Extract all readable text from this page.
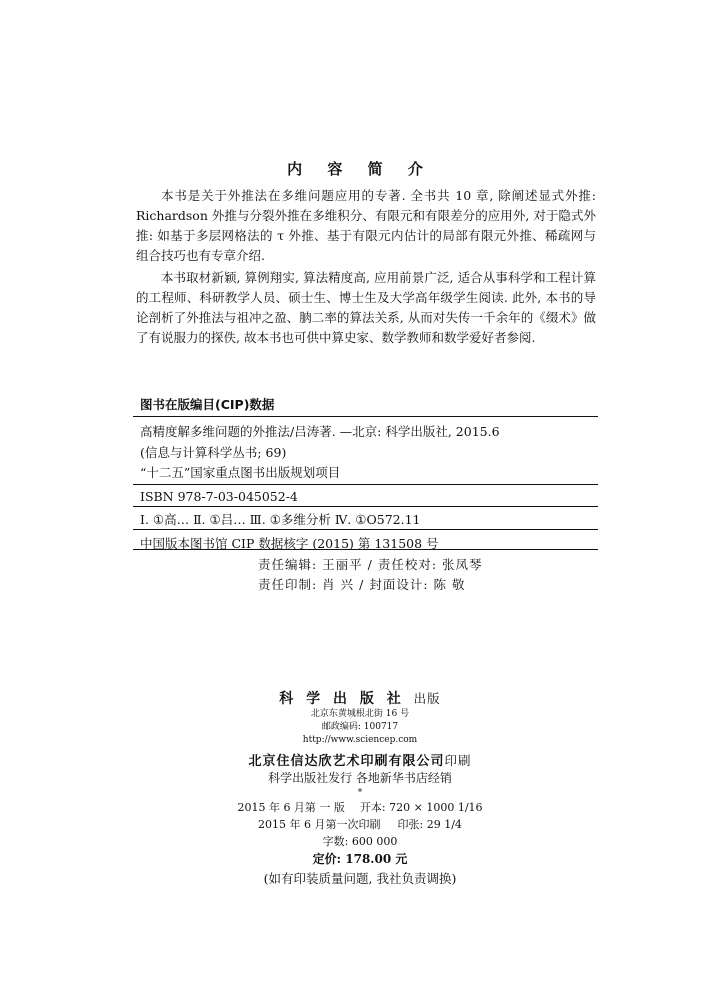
内 容 简 介

本书是关于外推法在多维问题应用的专著. 全书共 10 章, 除阐述显式外推: Richardson 外推与分裂外推在多维积分、有限元和有限差分的应用外, 对于隐式外推: 如基于多层网格法的 τ 外推、基于有限元内估计的局部有限元外推、稀疏网与组合技巧也有专章介绍.

本书取材新颖, 算例翔实, 算法精度高, 应用前景广泛, 适合从事科学和工程计算的工程师、科研教学人员、硕士生、博士生及大学高年级学生阅读. 此外, 本书的导论剖析了外推法与祖冲之盈、朒二率的算法关系, 从而对失传一千余年的《缀术》做了有说服力的探佚, 故本书也可供中算史家、数学教师和数学爱好者参阅.

图书在版编目(CIP)数据
高精度解多维问题的外推法/吕涛著. —北京: 科学出版社, 2015.6
(信息与计算科学丛书; 69)
“十二五”国家重点图书出版规划项目
ISBN 978-7-03-045052-4
Ⅰ. ①高… Ⅱ. ①吕… Ⅲ. ①多维分析 Ⅳ. ①O572.11
中国版本图书馆 CIP 数据核字 (2015) 第 131508 号
责任编辑: 王丽平 / 责任校对: 张凤琴
责任印制: 肖 兴 / 封面设计: 陈 敬
科 学 出 版 社 出版
北京东黄城根北街 16 号
邮政编码: 100717
http://www.sciencep.com
北京住信达欣艺术印刷有限公司印刷
科学出版社发行 各地新华书店经销
*
2015 年 6 月第 一 版 开本: 720 × 1000 1/16
2015 年 6 月第一次印刷 印张: 29 1/4
字数: 600 000
定价: 178.00 元
(如有印装质量问题, 我社负责调换)
